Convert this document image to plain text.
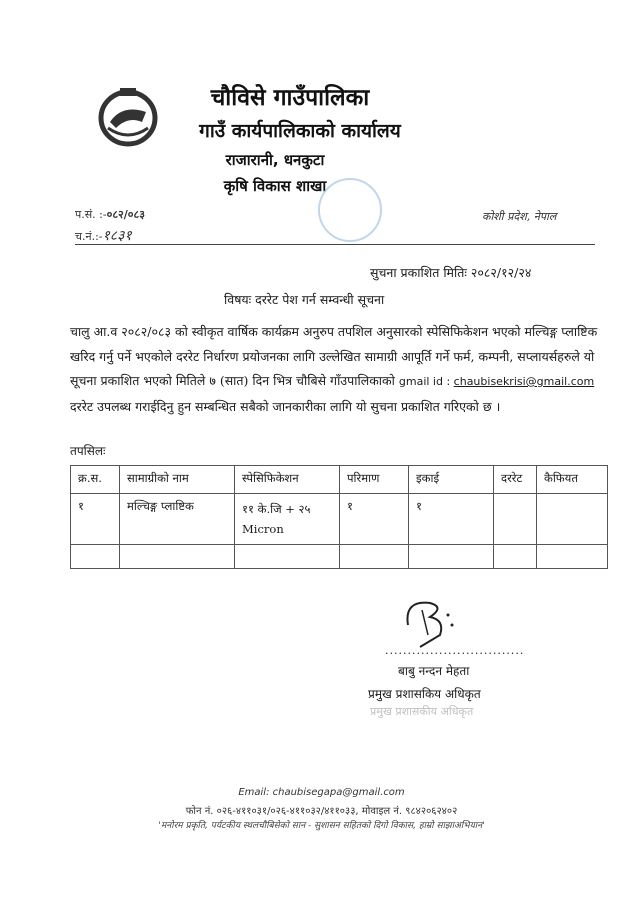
चौविसे गाउँपालिका
गाउँ कार्यपालिकाको कार्यालय
राजारानी, धनकुटा
कृषि विकास शाखा
प.सं. :-०८२/०८३
च.नं.:-१८३१
कोशी प्रदेश, नेपाल
सुचना प्रकाशित मितिः २०८२/१२/२४
विषयः दररेट पेश गर्न सम्वन्धी सूचना
चालु आ.व २०८२/०८३ को स्वीकृत वार्षिक कार्यक्रम अनुरुप तपशिल अनुसारको स्पेसिफिकेशन भएको मल्चिङ्ग प्लाष्टिक खरिद गर्नु पर्ने भएकोले दररेट निर्धारण प्रयोजनका लागि उल्लेखित सामाग्री आपूर्ति गर्ने फर्म, कम्पनी, सप्लायर्सहरुले यो सूचना प्रकाशित भएको मितिले ७ (सात) दिन भित्र चौबिसे गाँउपालिकाको gmail id : chaubisekrisi@gmail.com दररेट उपलब्ध गराईदिनु हुन सम्बन्धित सबैको जानकारीका लागि यो सुचना प्रकाशित गरिएको छ ।
तपसिलः
क्र.स.	सामाग्रीको नाम	स्पेसिफिकेशन	परिमाण	इकाई	दररेट	कैफियत
१	मल्चिङ्ग प्लाष्टिक	११ के.जि + २५ Micron	१	१		

...............................
बाबु नन्दन मेहता
प्रमुख प्रशासकिय अधिकृत
प्रमुख प्रशासकीय अधिकृत
Email: chaubisegapa@gmail.com
फोन नं. ०२६-४११०३१/०२६-४११०३२/४११०३३, मोवाइल नं. ९८४२०६२४०२
'मनोरम प्रकृति, पर्यटकीय स्थलचौबिसेको सान - सुशासन सहितको दिगो विकास, हाम्रो साझाअभियान'
